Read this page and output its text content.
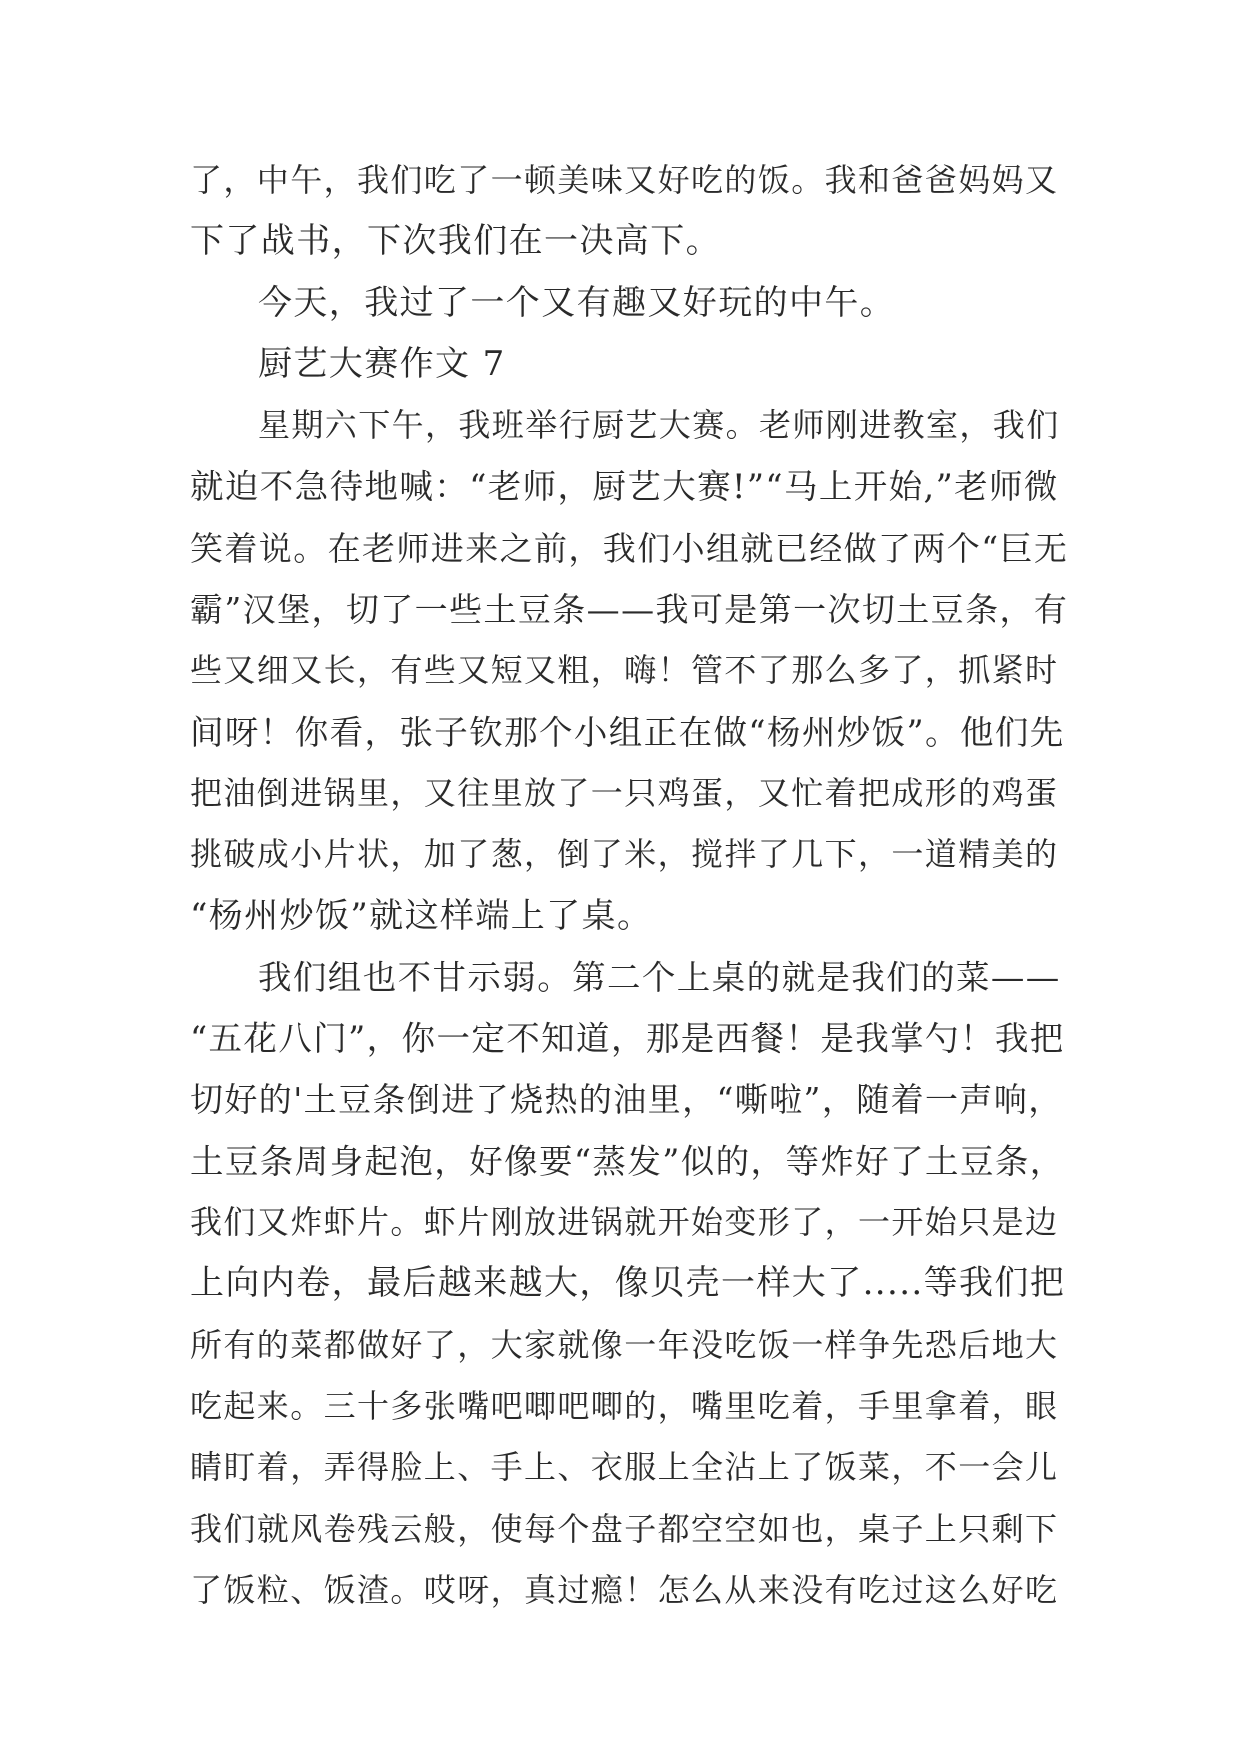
了，中午，我们吃了一顿美味又好吃的饭。我和爸爸妈妈又
下了战书，下次我们在一决高下。
今天，我过了一个又有趣又好玩的中午。
厨艺大赛作文 7
星期六下午，我班举行厨艺大赛。老师刚进教室，我们
就迫不急待地喊：“老师，厨艺大赛!”“马上开始,”老师微
笑着说。在老师进来之前，我们小组就已经做了两个“巨无
霸”汉堡，切了一些土豆条——我可是第一次切土豆条，有
些又细又长，有些又短又粗，嗨！管不了那么多了，抓紧时
间呀！你看，张子钦那个小组正在做“杨州炒饭”。他们先
把油倒进锅里，又往里放了一只鸡蛋，又忙着把成形的鸡蛋
挑破成小片状，加了葱，倒了米，搅拌了几下，一道精美的
“杨州炒饭”就这样端上了桌。
我们组也不甘示弱。第二个上桌的就是我们的菜——
“五花八门”，你一定不知道，那是西餐！是我掌勺！我把
切好的'土豆条倒进了烧热的油里，“嘶啦”，随着一声响，
土豆条周身起泡，好像要“蒸发”似的，等炸好了土豆条，
我们又炸虾片。虾片刚放进锅就开始变形了，一开始只是边
上向内卷，最后越来越大，像贝壳一样大了.....等我们把
所有的菜都做好了，大家就像一年没吃饭一样争先恐后地大
吃起来。三十多张嘴吧唧吧唧的，嘴里吃着，手里拿着，眼
睛盯着，弄得脸上、手上、衣服上全沾上了饭菜，不一会儿
我们就风卷残云般，使每个盘子都空空如也，桌子上只剩下
了饭粒、饭渣。哎呀，真过瘾！怎么从来没有吃过这么好吃
